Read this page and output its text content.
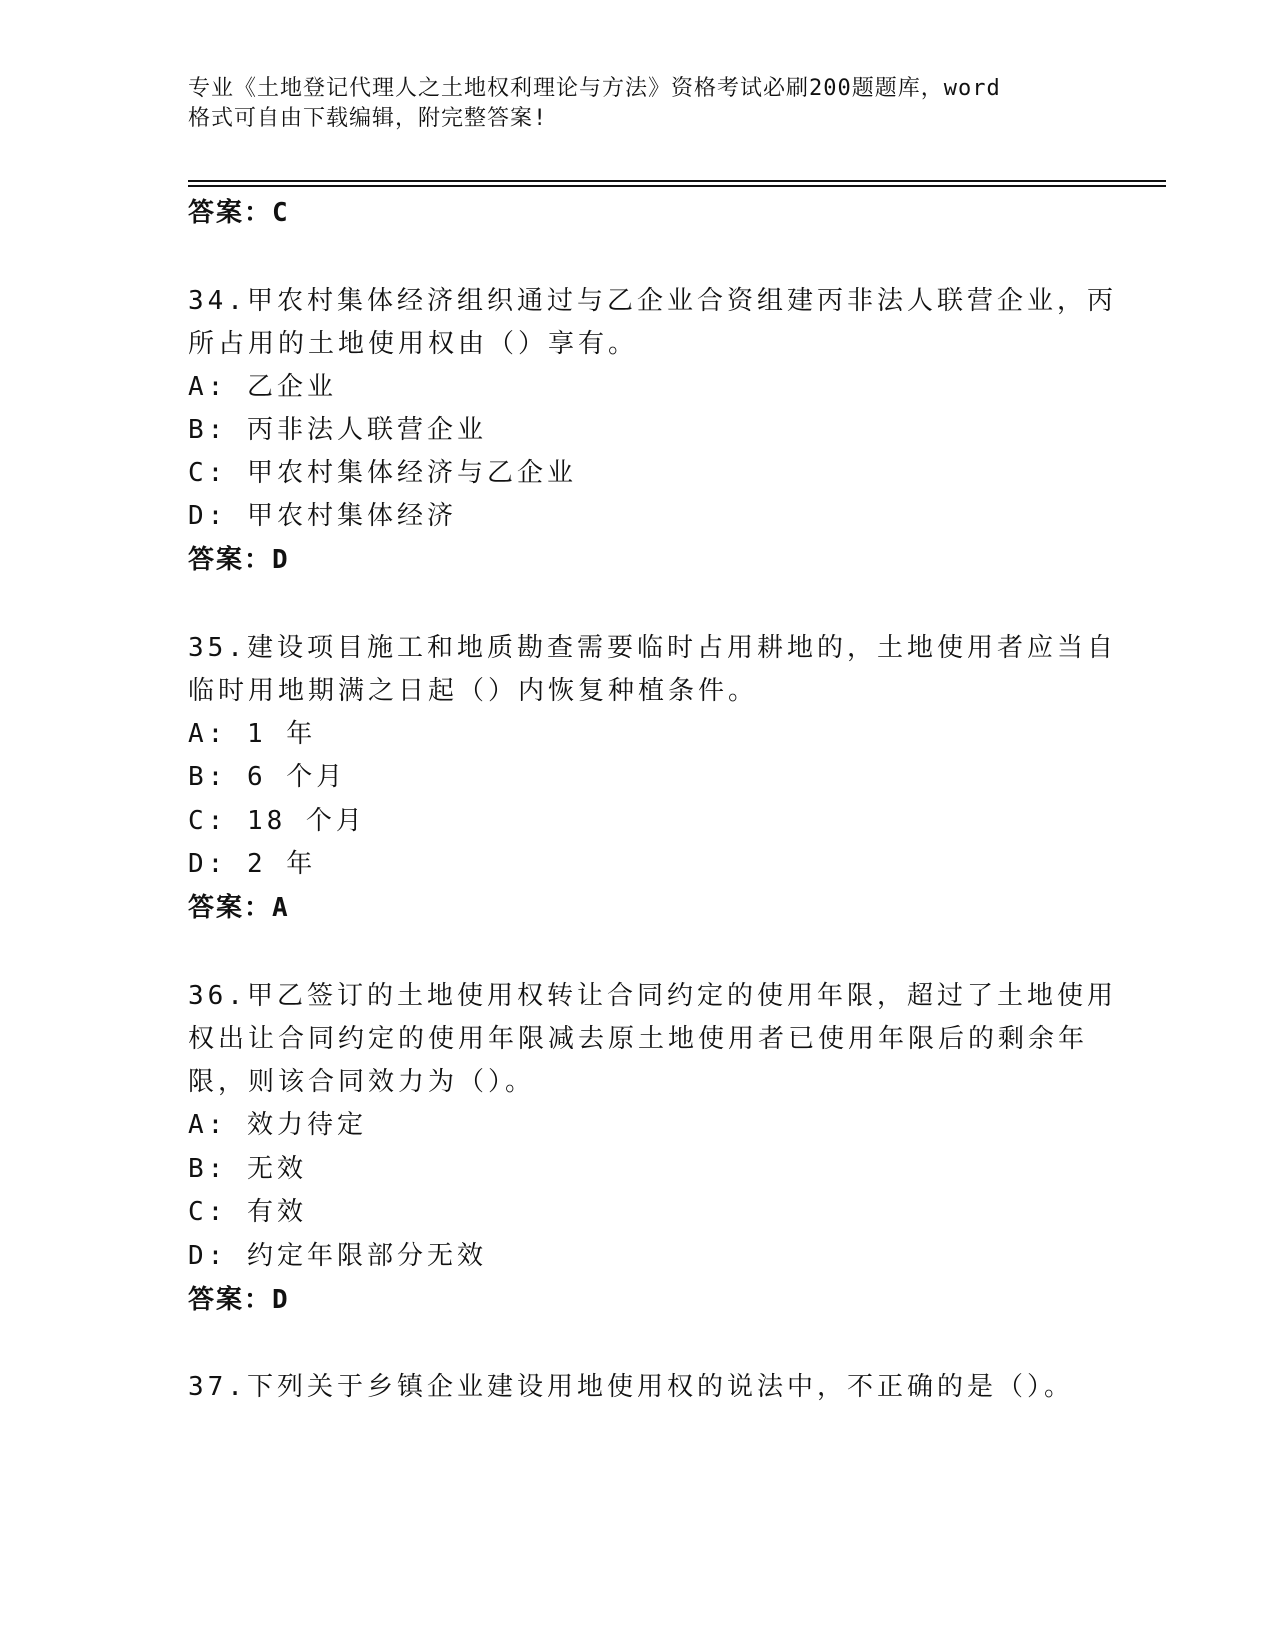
专业《土地登记代理人之土地权利理论与方法》资格考试必刷200题题库，word
格式可自由下载编辑，附完整答案!
答案：C
34.甲农村集体经济组织通过与乙企业合资组建丙非法人联营企业，丙
所占用的土地使用权由（）享有。
A: 乙企业
B: 丙非法人联营企业
C: 甲农村集体经济与乙企业
D: 甲农村集体经济
答案：D
35.建设项目施工和地质勘查需要临时占用耕地的，土地使用者应当自
临时用地期满之日起（）内恢复种植条件。
A: 1 年
B: 6 个月
C: 18 个月
D: 2 年
答案：A
36.甲乙签订的土地使用权转让合同约定的使用年限，超过了土地使用
权出让合同约定的使用年限减去原土地使用者已使用年限后的剩余年
限，则该合同效力为（）。
A: 效力待定
B: 无效
C: 有效
D: 约定年限部分无效
答案：D
37.下列关于乡镇企业建设用地使用权的说法中，不正确的是（）。
